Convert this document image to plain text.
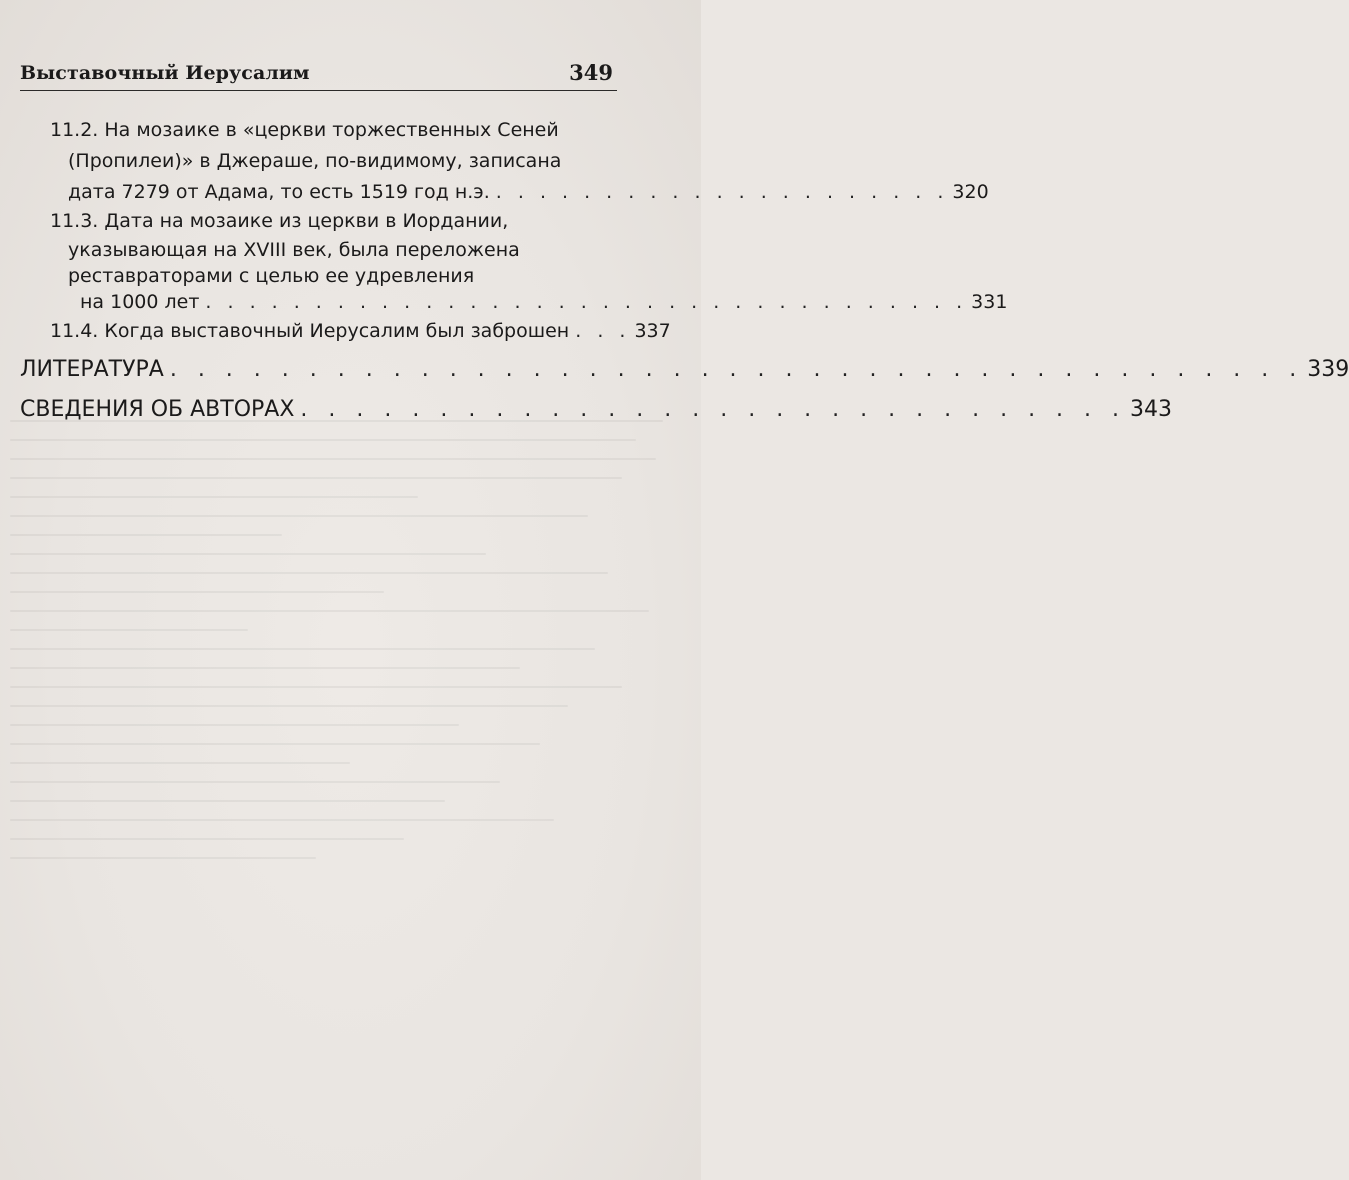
Выставочный Иерусалим	349
11.2. На мозаике в «церкви торжественных Сеней
(Пропилеи)» в Джераше, по-видимому, записана
дата 7279 от Адама, то есть 1519 год н.э. . . . . . . . . . . . . . . . . . . . . . 320
11.3. Дата на мозаике из церкви в Иордании,
указывающая на XVIII век, была переложена
реставраторами с целью ее удревления
на 1000 лет . . . . . . . . . . . . . . . . . . . . . . . . . . . . . . . . . . . 331
11.4. Когда выставочный Иерусалим был заброшен . . . 337
ЛИТЕРАТУРА . . . . . . . . . . . . . . . . . . . . . . . . . . . . . . . . . . . . . . . . . 339
СВЕДЕНИЯ ОБ АВТОРАХ . . . . . . . . . . . . . . . . . . . . . . . . . . . . . . 343
